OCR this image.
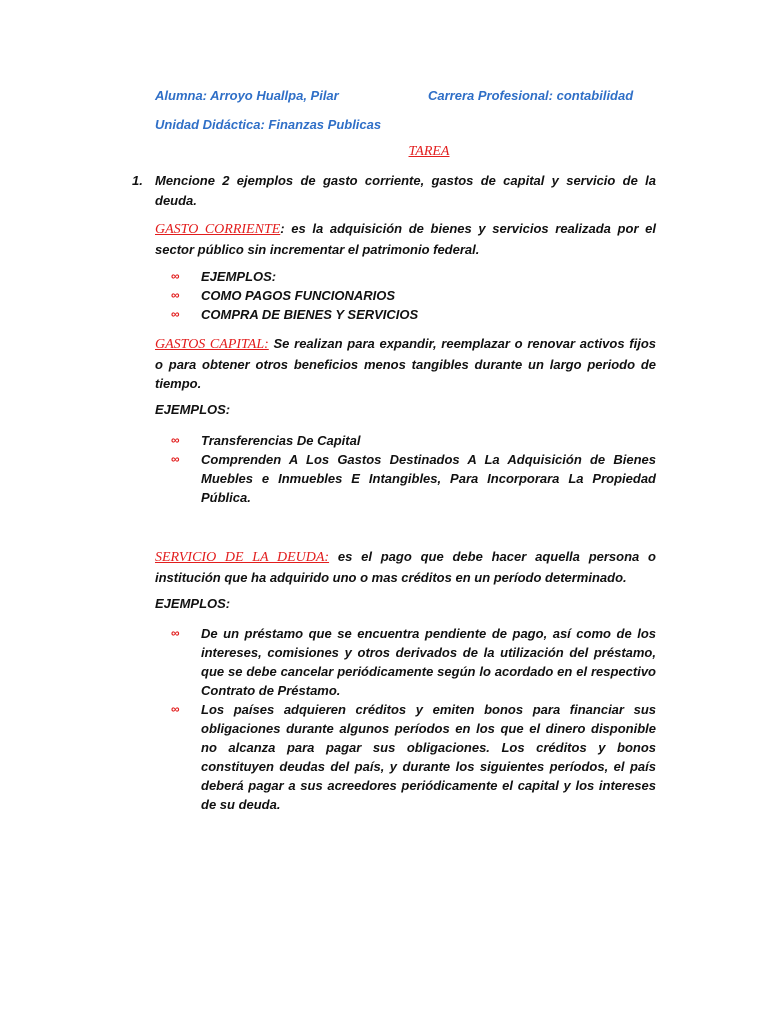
Alumna: Arroyo Huallpa, Pilar	Carrera Profesional: contabilidad
Unidad Didáctica: Finanzas Publicas
TAREA
1. Mencione 2 ejemplos de gasto corriente, gastos de capital y servicio de la deuda.
GASTO CORRIENTE: es la adquisición de bienes y servicios realizada por el sector público sin incrementar el patrimonio federal.
∞ EJEMPLOS:
∞ COMO PAGOS FUNCIONARIOS
∞ COMPRA DE BIENES Y SERVICIOS
GASTOS CAPITAL: Se realizan para expandir, reemplazar o renovar activos fijos o para obtener otros beneficios menos tangibles durante un largo periodo de tiempo.
EJEMPLOS:
∞ Transferencias De Capital
∞ Comprenden A Los Gastos Destinados A La Adquisición de Bienes Muebles e Inmuebles E Intangibles, Para Incorporara La Propiedad Pública.
SERVICIO DE LA DEUDA: es el pago que debe hacer aquella persona o institución que ha adquirido uno o mas créditos en un período determinado.
EJEMPLOS:
∞ De un préstamo que se encuentra pendiente de pago, así como de los intereses, comisiones y otros derivados de la utilización del préstamo, que se debe cancelar periódicamente según lo acordado en el respectivo Contrato de Préstamo.
∞ Los países adquieren créditos y emiten bonos para financiar sus obligaciones durante algunos períodos en los que el dinero disponible no alcanza para pagar sus obligaciones. Los créditos y bonos constituyen deudas del país, y durante los siguientes períodos, el país deberá pagar a sus acreedores periódicamente el capital y los intereses de su deuda.
